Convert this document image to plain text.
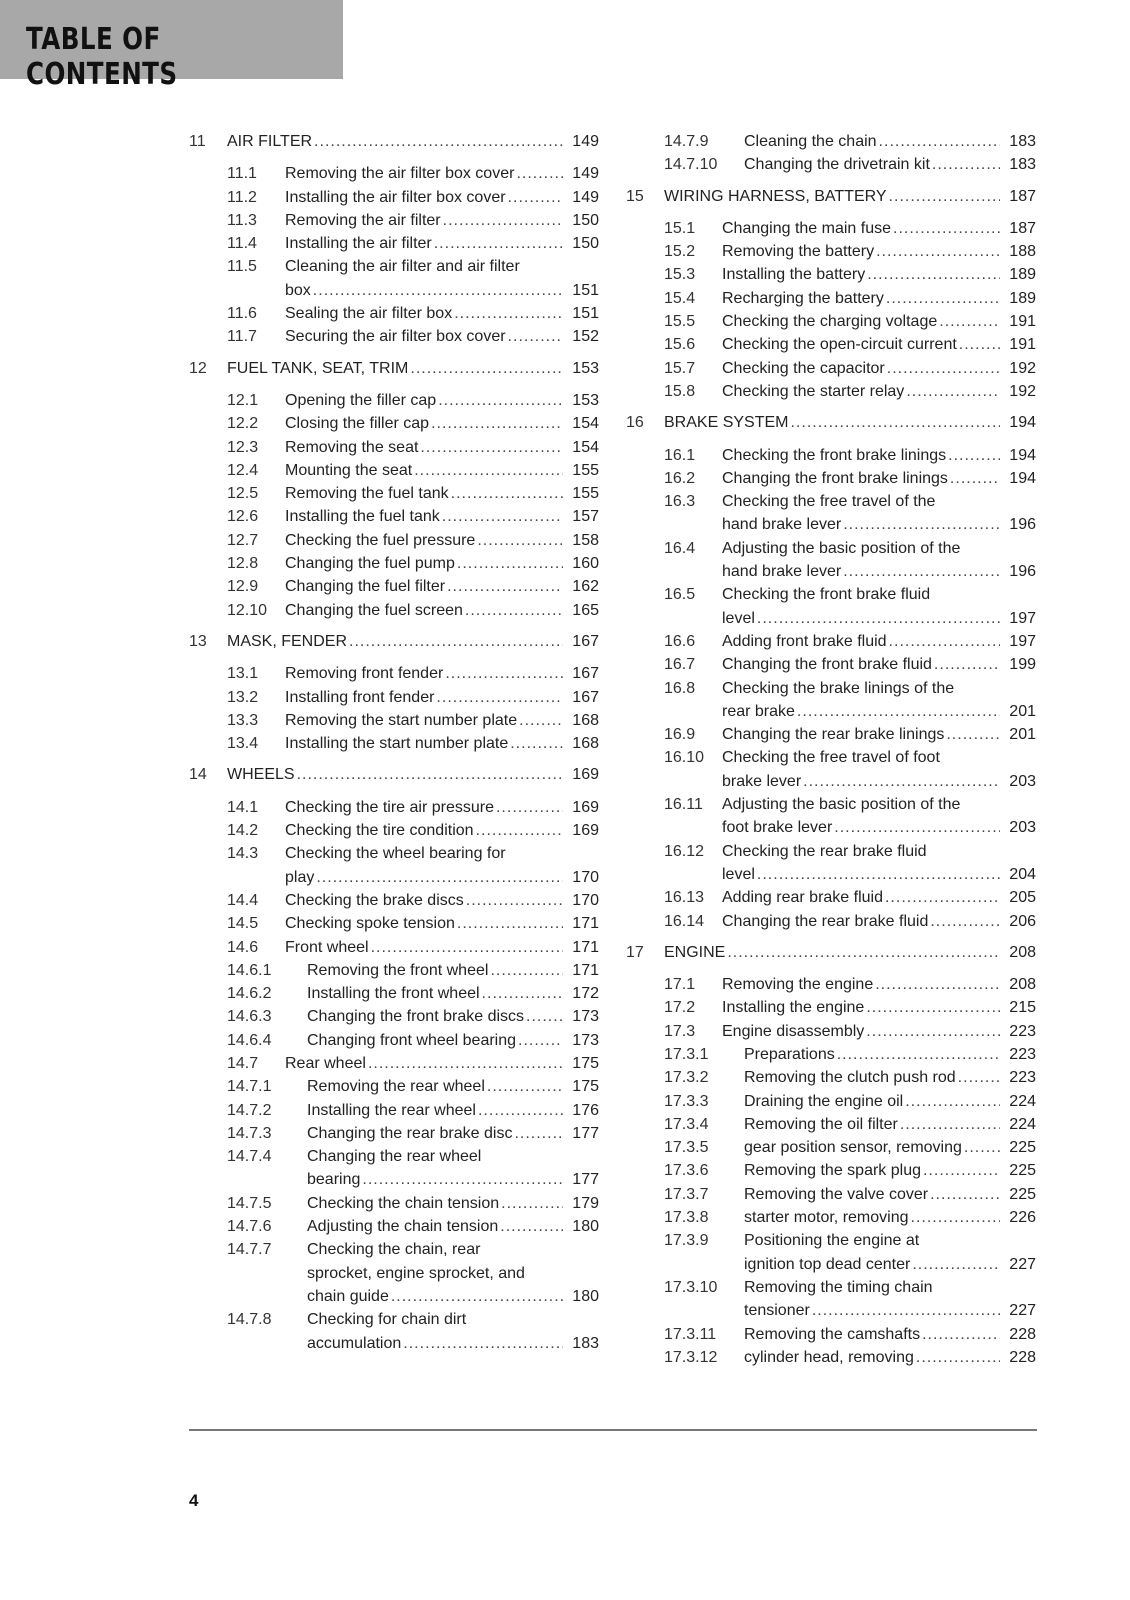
TABLE OF CONTENTS
11 AIR FILTER .....	149
11.1 Removing the air filter box cover .....	149
11.2 Installing the air filter box cover .....	149
11.3 Removing the air filter .....	150
11.4 Installing the air filter .....	150
11.5 Cleaning the air filter and air filter
box .....	151
11.6 Sealing the air filter box .....	151
11.7 Securing the air filter box cover .....	152
12 FUEL TANK, SEAT, TRIM .....	153
12.1 Opening the filler cap .....	153
12.2 Closing the filler cap .....	154
12.3 Removing the seat .....	154
12.4 Mounting the seat .....	155
12.5 Removing the fuel tank .....	155
12.6 Installing the fuel tank .....	157
12.7 Checking the fuel pressure .....	158
12.8 Changing the fuel pump .....	160
12.9 Changing the fuel filter .....	162
12.10 Changing the fuel screen .....	165
13 MASK, FENDER .....	167
13.1 Removing front fender .....	167
13.2 Installing front fender .....	167
13.3 Removing the start number plate .....	168
13.4 Installing the start number plate .....	168
14 WHEELS .....	169
14.1 Checking the tire air pressure .....	169
14.2 Checking the tire condition .....	169
14.3 Checking the wheel bearing for
play .....	170
14.4 Checking the brake discs .....	170
14.5 Checking spoke tension .....	171
14.6 Front wheel .....	171
14.6.1 Removing the front wheel .....	171
14.6.2 Installing the front wheel .....	172
14.6.3 Changing the front brake discs .....	173
14.6.4 Changing front wheel bearing .....	173
14.7 Rear wheel .....	175
14.7.1 Removing the rear wheel .....	175
14.7.2 Installing the rear wheel .....	176
14.7.3 Changing the rear brake disc .....	177
14.7.4 Changing the rear wheel
bearing .....	177
14.7.5 Checking the chain tension .....	179
14.7.6 Adjusting the chain tension .....	180
14.7.7 Checking the chain, rear
sprocket, engine sprocket, and
chain guide .....	180
14.7.8 Checking for chain dirt
accumulation .....	183
14.7.9 Cleaning the chain .....	183
14.7.10 Changing the drivetrain kit .....	183
15 WIRING HARNESS, BATTERY .....	187
15.1 Changing the main fuse .....	187
15.2 Removing the battery .....	188
15.3 Installing the battery .....	189
15.4 Recharging the battery .....	189
15.5 Checking the charging voltage .....	191
15.6 Checking the open-circuit current .....	191
15.7 Checking the capacitor .....	192
15.8 Checking the starter relay .....	192
16 BRAKE SYSTEM .....	194
16.1 Checking the front brake linings .....	194
16.2 Changing the front brake linings .....	194
16.3 Checking the free travel of the
hand brake lever .....	196
16.4 Adjusting the basic position of the
hand brake lever .....	196
16.5 Checking the front brake fluid
level .....	197
16.6 Adding front brake fluid .....	197
16.7 Changing the front brake fluid .....	199
16.8 Checking the brake linings of the
rear brake .....	201
16.9 Changing the rear brake linings .....	201
16.10 Checking the free travel of foot
brake lever .....	203
16.11 Adjusting the basic position of the
foot brake lever .....	203
16.12 Checking the rear brake fluid
level .....	204
16.13 Adding rear brake fluid .....	205
16.14 Changing the rear brake fluid .....	206
17 ENGINE .....	208
17.1 Removing the engine .....	208
17.2 Installing the engine .....	215
17.3 Engine disassembly .....	223
17.3.1 Preparations .....	223
17.3.2 Removing the clutch push rod .....	223
17.3.3 Draining the engine oil .....	224
17.3.4 Removing the oil filter .....	224
17.3.5 gear position sensor, removing .....	225
17.3.6 Removing the spark plug .....	225
17.3.7 Removing the valve cover .....	225
17.3.8 starter motor, removing .....	226
17.3.9 Positioning the engine at
ignition top dead center .....	227
17.3.10 Removing the timing chain
tensioner .....	227
17.3.11 Removing the camshafts .....	228
17.3.12 cylinder head, removing .....	228
4
